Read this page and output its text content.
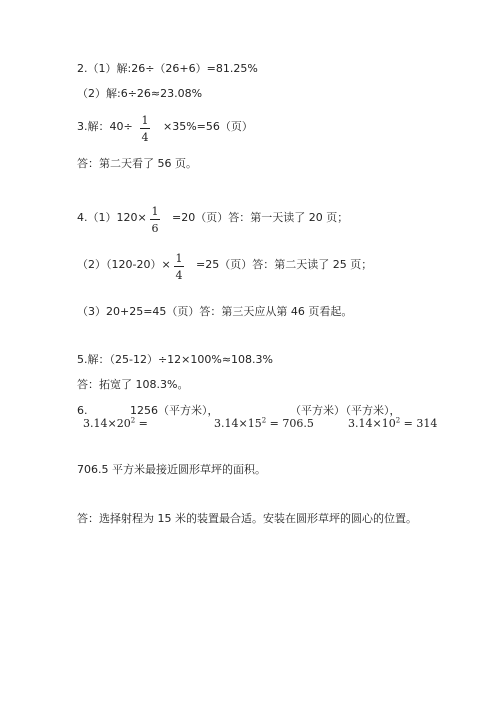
2.（1）解:26÷（26+6）=81.25%
（2）解:6÷26≈23.08%
3.解：40÷ 1
4
×35%=56（页）
答：第二天看了 56 页。
4.（1）120× 1
6
=20（页）答：第一天读了 20 页；
（2）（120-20）× 1
4
=25（页）答：第二天读了 25 页；
（3）20+25=45（页）答：第三天应从第 46 页看起。
5.解：（25-12）÷12×100%≈108.3%
答：拓宽了 108.3%。
6.	1256（平方米），	（平方米）
（平方米），
$3.14\times 20^2$ =	$3.14\times 15^2 = 706.5$	$3.14\times 10^2 = 314$
706.5 平方米最接近圆形草坪的面积。
答：选择射程为 15 米的装置最合适。安装在圆形草坪的圆心的位置。
